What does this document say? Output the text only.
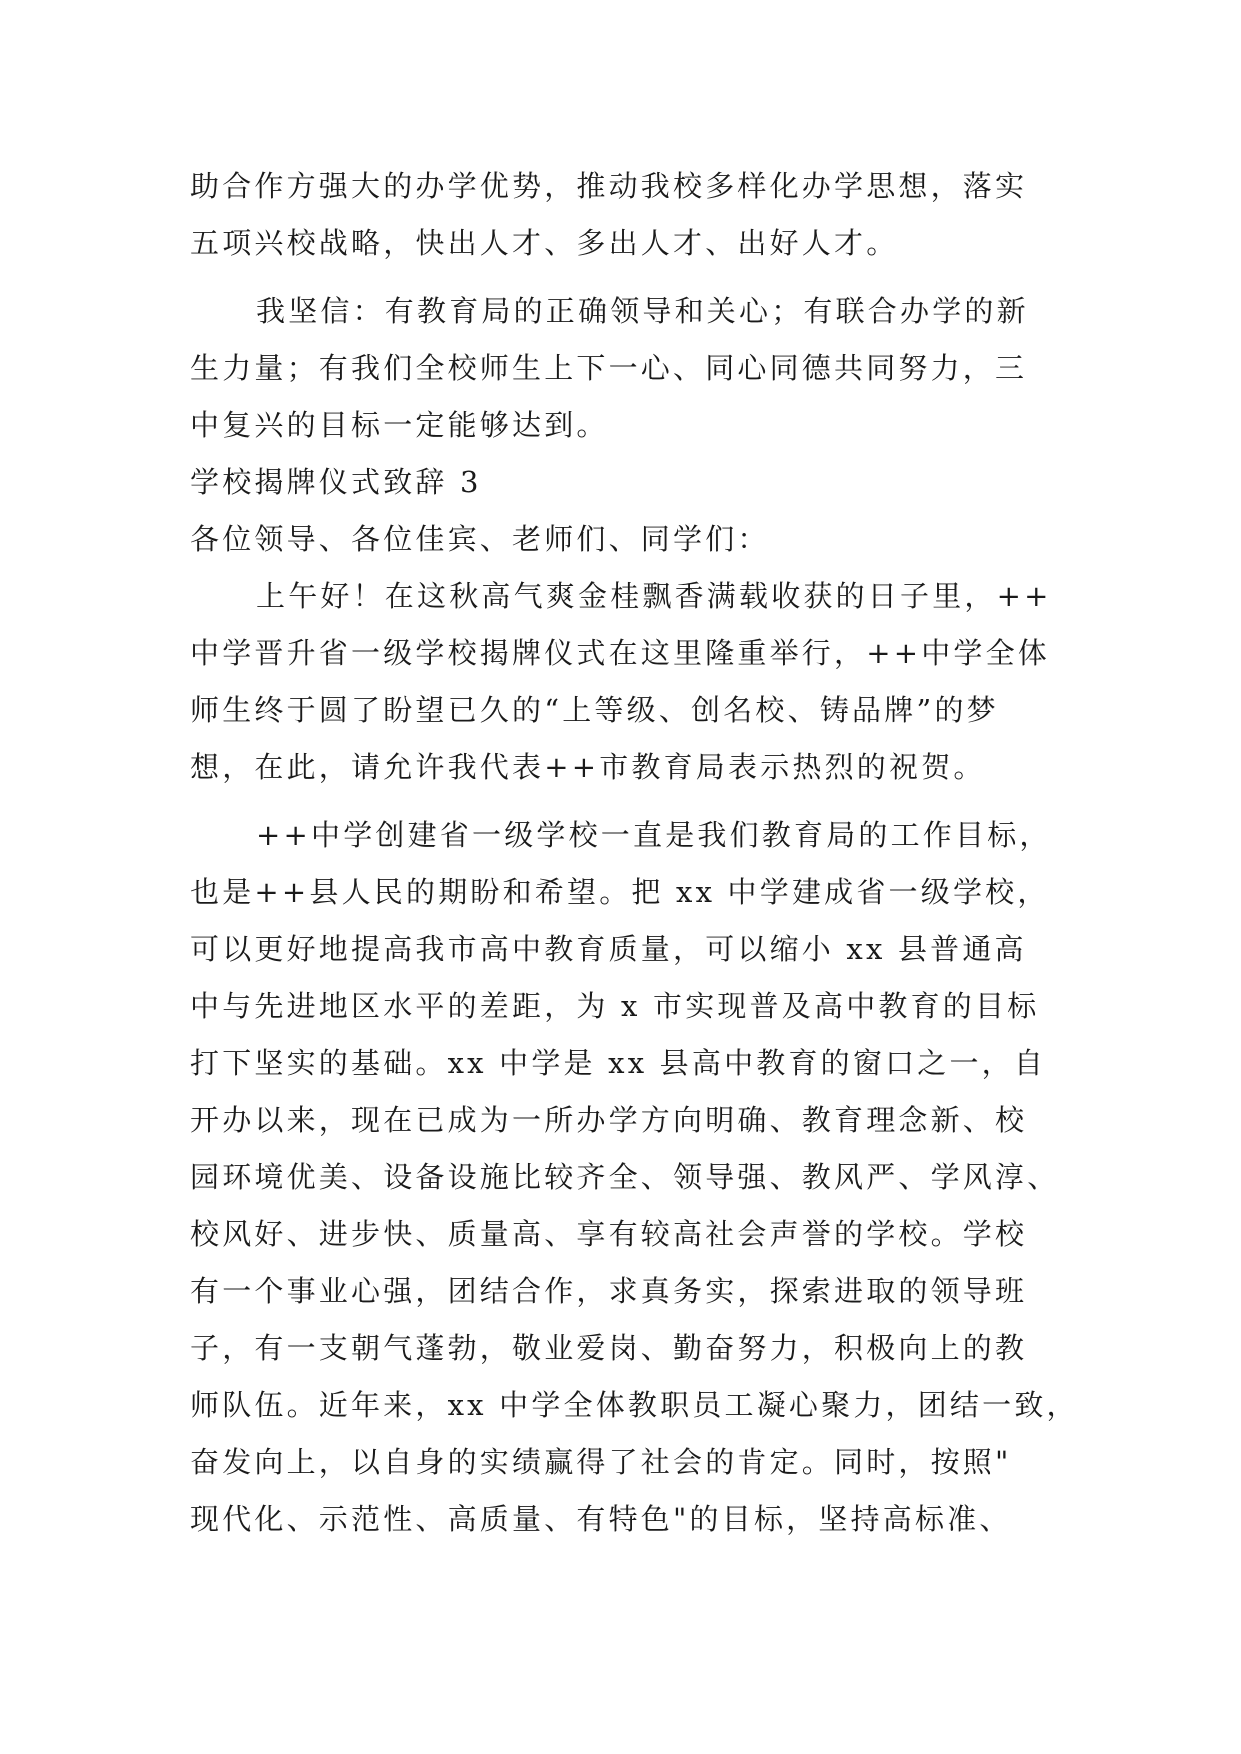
助合作方强大的办学优势，推动我校多样化办学思想，落实
五项兴校战略，快出人才、多出人才、出好人才。
我坚信：有教育局的正确领导和关心；有联合办学的新
生力量；有我们全校师生上下一心、同心同德共同努力，三
中复兴的目标一定能够达到。
学校揭牌仪式致辞 3
各位领导、各位佳宾、老师们、同学们：
上午好！在这秋高气爽金桂飘香满载收获的日子里，++
中学晋升省一级学校揭牌仪式在这里隆重举行，++中学全体
师生终于圆了盼望已久的“上等级、创名校、铸品牌”的梦
想，在此，请允许我代表++市教育局表示热烈的祝贺。
++中学创建省一级学校一直是我们教育局的工作目标，
也是++县人民的期盼和希望。把 xx 中学建成省一级学校，
可以更好地提高我市高中教育质量，可以缩小 xx 县普通高
中与先进地区水平的差距，为 x 市实现普及高中教育的目标
打下坚实的基础。xx 中学是 xx 县高中教育的窗口之一，自
开办以来，现在已成为一所办学方向明确、教育理念新、校
园环境优美、设备设施比较齐全、领导强、教风严、学风淳、
校风好、进步快、质量高、享有较高社会声誉的学校。学校
有一个事业心强，团结合作，求真务实，探索进取的领导班
子，有一支朝气蓬勃，敬业爱岗、勤奋努力，积极向上的教
师队伍。近年来，xx 中学全体教职员工凝心聚力，团结一致，
奋发向上，以自身的实绩赢得了社会的肯定。同时，按照"
现代化、示范性、高质量、有特色"的目标，坚持高标准、
